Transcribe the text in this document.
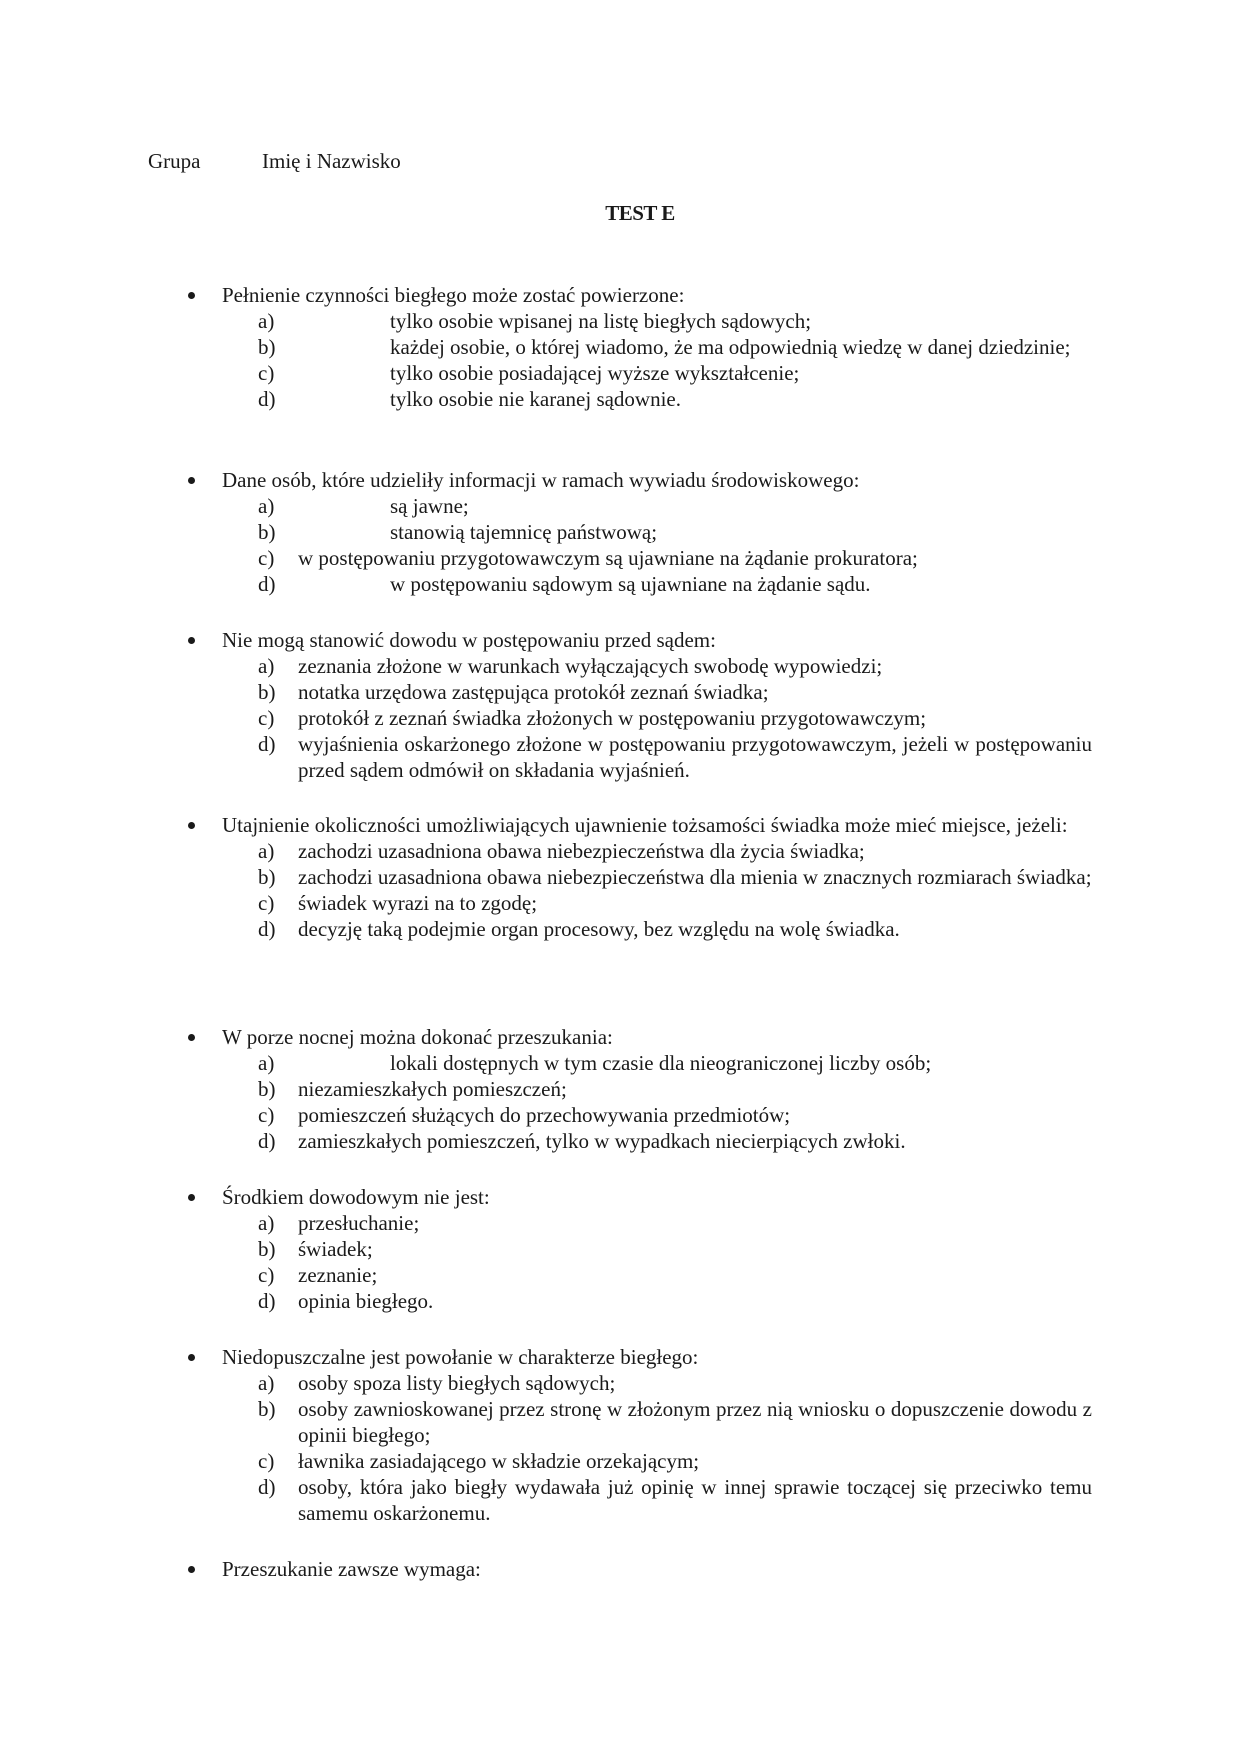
Grupa	Imię i Nazwisko
TEST E
Pełnienie czynności biegłego może zostać powierzone:
a)	tylko osobie wpisanej na listę biegłych sądowych;
b)	każdej osobie, o której wiadomo, że ma odpowiednią wiedzę w danej dziedzinie;
c)	tylko osobie posiadającej wyższe wykształcenie;
d)	tylko osobie nie karanej sądownie.
Dane osób, które udzieliły informacji w ramach wywiadu środowiskowego:
a)	są jawne;
b)	stanowią tajemnicę państwową;
c) w postępowaniu przygotowawczym są ujawniane na żądanie prokuratora;
d)	w postępowaniu sądowym są ujawniane na żądanie sądu.
Nie mogą stanowić dowodu w postępowaniu przed sądem:
a) zeznania złożone w warunkach wyłączających swobodę wypowiedzi;
b) notatka urzędowa zastępująca protokół zeznań świadka;
c) protokół z zeznań świadka złożonych w postępowaniu przygotowawczym;
d) wyjaśnienia oskarżonego złożone w postępowaniu przygotowawczym, jeżeli w postępowaniu przed sądem odmówił on składania wyjaśnień.
Utajnienie okoliczności umożliwiających ujawnienie tożsamości świadka może mieć miejsce, jeżeli:
a) zachodzi uzasadniona obawa niebezpieczeństwa dla życia świadka;
b) zachodzi uzasadniona obawa niebezpieczeństwa dla mienia w znacznych rozmiarach świadka;
c) świadek wyrazi na to zgodę;
d) decyzję taką podejmie organ procesowy, bez względu na wolę świadka.
W porze nocnej można dokonać przeszukania:
a)	lokali dostępnych w tym czasie dla nieograniczonej liczby osób;
b) niezamieszkałych pomieszczeń;
c) pomieszczeń służących do przechowywania przedmiotów;
d) zamieszkałych pomieszczeń, tylko w wypadkach niecierpiących zwłoki.
Środkiem dowodowym nie jest:
a) przesłuchanie;
b) świadek;
c) zeznanie;
d) opinia biegłego.
Niedopuszczalne jest powołanie w charakterze biegłego:
a) osoby spoza listy biegłych sądowych;
b) osoby zawnioskowanej przez stronę w złożonym przez nią wniosku o dopuszczenie dowodu z opinii biegłego;
c) ławnika zasiadającego w składzie orzekającym;
d) osoby, która jako biegły wydawała już opinię w innej sprawie toczącej się przeciwko temu samemu oskarżonemu.
Przeszukanie zawsze wymaga:
